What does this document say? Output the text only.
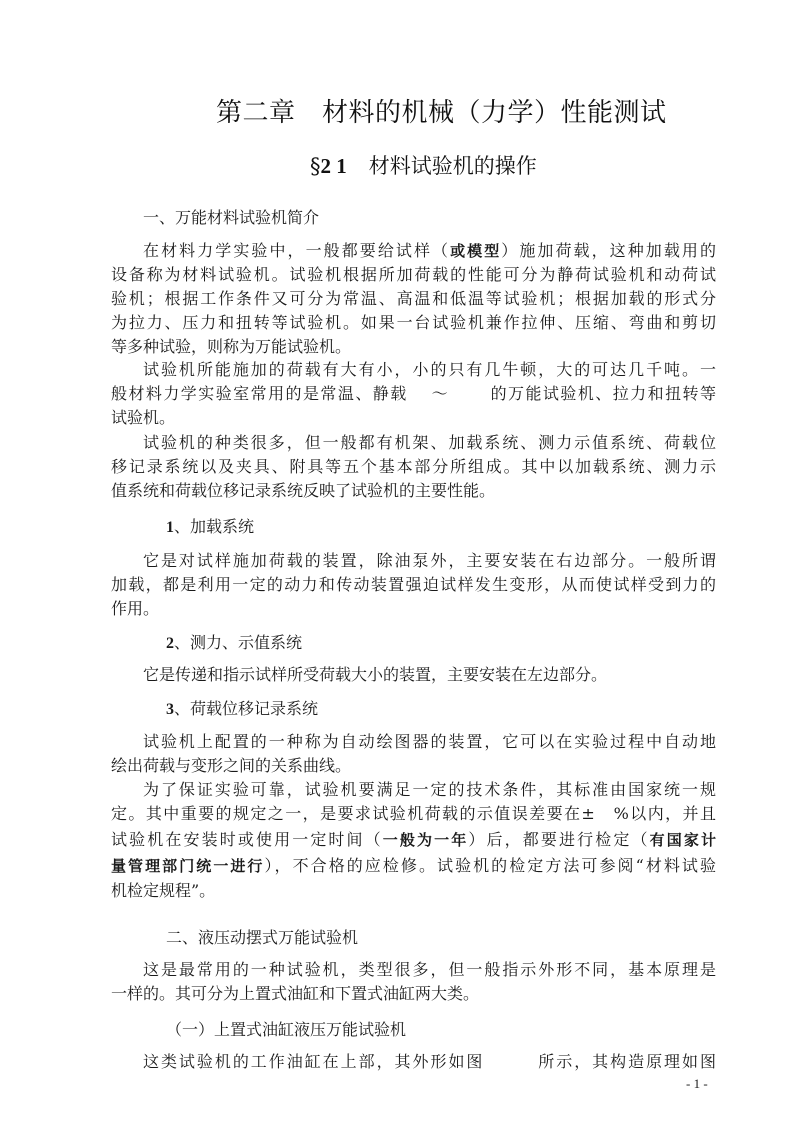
第二章　材料的机械（力学）性能测试
§2 1 材料试验机的操作
一、万能材料试验机简介
在材料力学实验中，一般都要给试样（或模型）施加荷载，这种加载用的
设备称为材料试验机。试验机根据所加荷载的性能可分为静荷试验机和动荷试
验机；根据工作条件又可分为常温、高温和低温等试验机；根据加载的形式分
为拉力、压力和扭转等试验机。如果一台试验机兼作拉伸、压缩、弯曲和剪切
等多种试验，则称为万能试验机。
试验机所能施加的荷载有大有小，小的只有几牛顿，大的可达几千吨。一
般材料力学实验室常用的是常温、静载　 ～　　 的万能试验机、拉力和扭转等
试验机。
试验机的种类很多，但一般都有机架、加载系统、测力示值系统、荷载位
移记录系统以及夹具、附具等五个基本部分所组成。其中以加载系统、测力示
值系统和荷载位移记录系统反映了试验机的主要性能。
1、加载系统
它是对试样施加荷载的装置，除油泵外，主要安装在右边部分。一般所谓
加载，都是利用一定的动力和传动装置强迫试样发生变形，从而使试样受到力的
作用。
2、测力、示值系统
它是传递和指示试样所受荷载大小的装置，主要安装在左边部分。
3、荷载位移记录系统
试验机上配置的一种称为自动绘图器的装置，它可以在实验过程中自动地
绘出荷载与变形之间的关系曲线。
为了保证实验可靠，试验机要满足一定的技术条件，其标准由国家统一规
定。其中重要的规定之一，是要求试验机荷载的示值误差要在±　%以内，并且
试验机在安装时或使用一定时间（一般为一年）后，都要进行检定（有国家计
量管理部门统一进行），不合格的应检修。试验机的检定方法可参阅“材料试验
机检定规程”。
二、液压动摆式万能试验机
这是最常用的一种试验机，类型很多，但一般指示外形不同，基本原理是
一样的。其可分为上置式油缸和下置式油缸两大类。
（一）上置式油缸液压万能试验机
这类试验机的工作油缸在上部，其外形如图　　　所示，其构造原理如图
- 1 -
